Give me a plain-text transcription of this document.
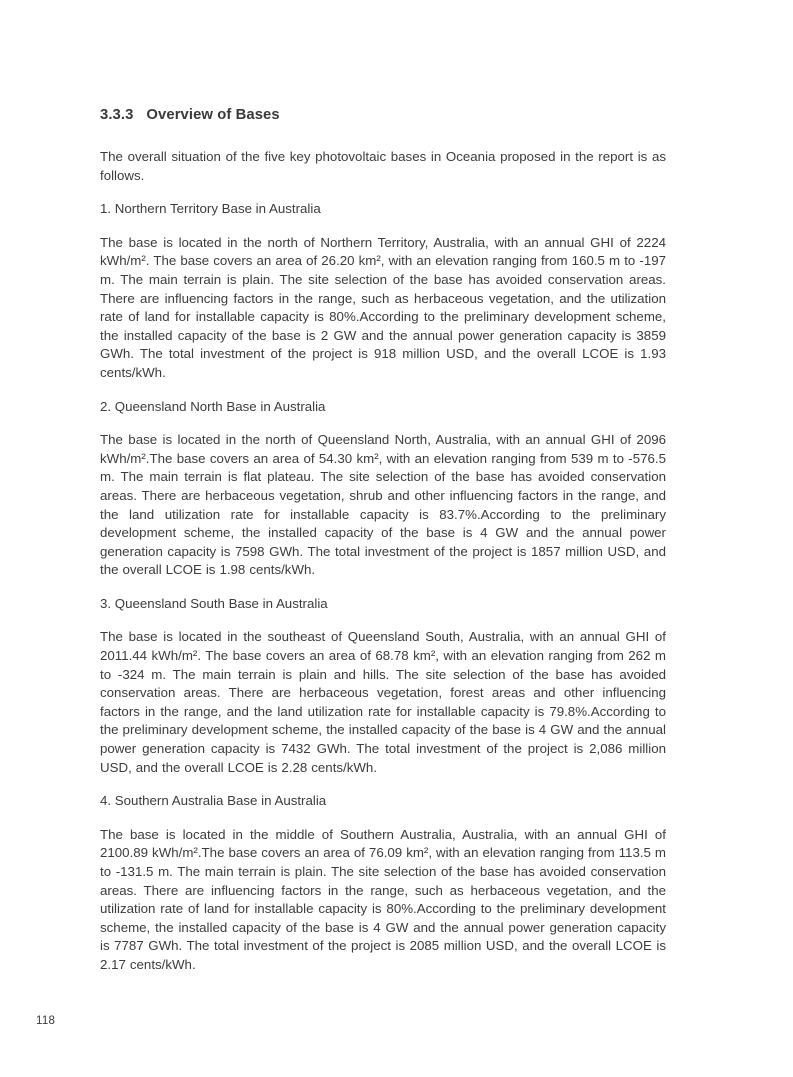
3.3.3 Overview of Bases

The overall situation of the five key photovoltaic bases in Oceania proposed in the report is as follows.

1. Northern Territory Base in Australia

The base is located in the north of Northern Territory, Australia, with an annual GHI of 2224 kWh/m². The base covers an area of 26.20 km², with an elevation ranging from 160.5 m to -197 m. The main terrain is plain. The site selection of the base has avoided conservation areas. There are influencing factors in the range, such as herbaceous vegetation, and the utilization rate of land for installable capacity is 80%.According to the preliminary development scheme, the installed capacity of the base is 2 GW and the annual power generation capacity is 3859 GWh. The total investment of the project is 918 million USD, and the overall LCOE is 1.93 cents/kWh.

2. Queensland North Base in Australia

The base is located in the north of Queensland North, Australia, with an annual GHI of 2096 kWh/m².The base covers an area of 54.30 km², with an elevation ranging from 539 m to -576.5 m. The main terrain is flat plateau. The site selection of the base has avoided conservation areas. There are herbaceous vegetation, shrub and other influencing factors in the range, and the land utilization rate for installable capacity is 83.7%.According to the preliminary development scheme, the installed capacity of the base is 4 GW and the annual power generation capacity is 7598 GWh. The total investment of the project is 1857 million USD, and the overall LCOE is 1.98 cents/kWh.

3. Queensland South Base in Australia

The base is located in the southeast of Queensland South, Australia, with an annual GHI of 2011.44 kWh/m². The base covers an area of 68.78 km², with an elevation ranging from 262 m to -324 m. The main terrain is plain and hills. The site selection of the base has avoided conservation areas. There are herbaceous vegetation, forest areas and other influencing factors in the range, and the land utilization rate for installable capacity is 79.8%.According to the preliminary development scheme, the installed capacity of the base is 4 GW and the annual power generation capacity is 7432 GWh. The total investment of the project is 2,086 million USD, and the overall LCOE is 2.28 cents/kWh.

4. Southern Australia Base in Australia

The base is located in the middle of Southern Australia, Australia, with an annual GHI of 2100.89 kWh/m².The base covers an area of 76.09 km², with an elevation ranging from 113.5 m to -131.5 m. The main terrain is plain. The site selection of the base has avoided conservation areas. There are influencing factors in the range, such as herbaceous vegetation, and the utilization rate of land for installable capacity is 80%.According to the preliminary development scheme, the installed capacity of the base is 4 GW and the annual power generation capacity is 7787 GWh. The total investment of the project is 2085 million USD, and the overall LCOE is 2.17 cents/kWh.

118
